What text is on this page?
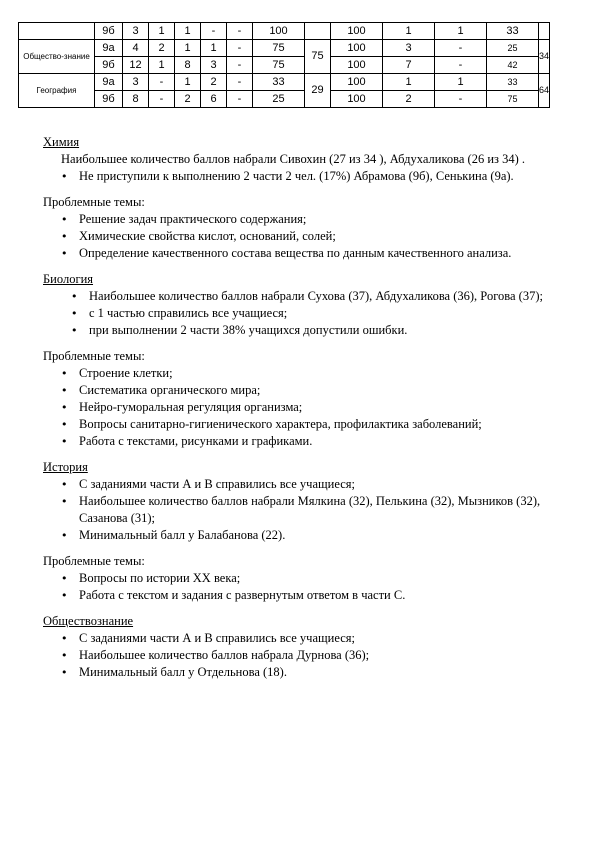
	9б	3	1	1	-	-	100		100	1	1	33	
Общество-знание	9а	4	2	1	1	-	75	75	100	3	-	25	34
	9б	12	1	8	3	-	75		100	7	-	42	
География	9а	3	-	1	2	-	33	29	100	1	1	33	64
	9б	8	-	2	6	-	25		100	2	-	75	

Химия

Наибольшее количество баллов набрали Сивохин (27 из 34 ), Абдухаликова (26 из 34) .

• Не приступили к выполнению 2 части 2 чел. (17%) Абрамова (9б), Сенькина (9а).

Проблемные темы:

• Решение задач практического содержания;
• Химические свойства кислот, оснований, солей;
• Определение качественного состава вещества по данным качественного анализа.

Биология

• Наибольшее количество баллов набрали Сухова (37), Абдухаликова (36), Рогова (37);
• с 1 частью справились все учащиеся;
• при выполнении 2 части 38% учащихся допустили ошибки.

Проблемные темы:

• Строение клетки;
• Систематика органического мира;
• Нейро-гуморальная регуляция организма;
• Вопросы санитарно-гигиенического характера, профилактика заболеваний;
• Работа с текстами, рисунками и графиками.

История

• С заданиями части А и В справились все учащиеся;
• Наибольшее количество баллов набрали Мялкина (32), Пелькина (32), Мызников (32), Сазанова (31);
• Минимальный балл у Балабанова (22).

Проблемные темы:

• Вопросы по истории XX века;
• Работа с текстом и задания с развернутым ответом в части С.

Обществознание

• С заданиями части А и В справились все учащиеся;
• Наибольшее количество баллов набрала Дурнова (36);
• Минимальный балл у Отдельнова (18).
